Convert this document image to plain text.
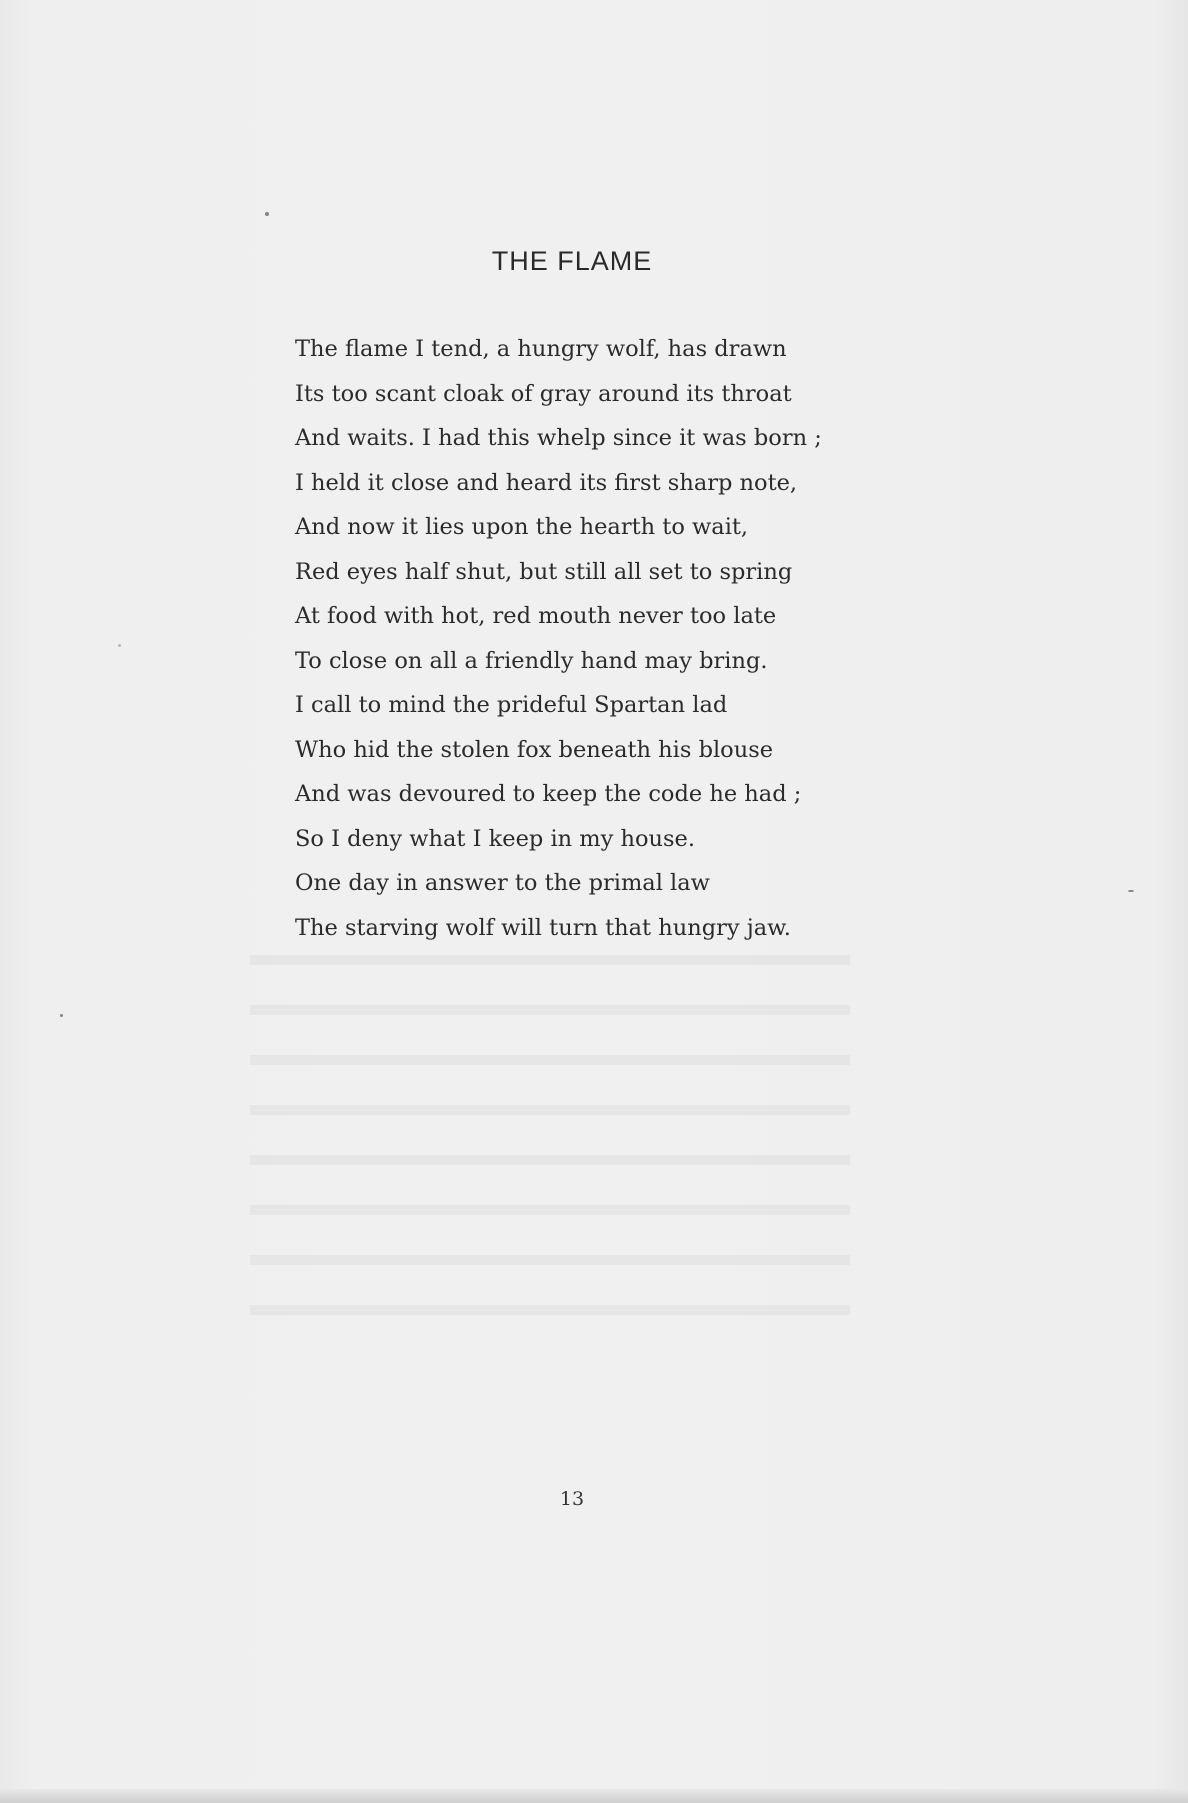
THE FLAME
The flame I tend, a hungry wolf, has drawn
Its too scant cloak of gray around its throat
And waits. I had this whelp since it was born ;
I held it close and heard its first sharp note,
And now it lies upon the hearth to wait,
Red eyes half shut, but still all set to spring
At food with hot, red mouth never too late
To close on all a friendly hand may bring.
I call to mind the prideful Spartan lad
Who hid the stolen fox beneath his blouse
And was devoured to keep the code he had ;
So I deny what I keep in my house.
One day in answer to the primal law
The starving wolf will turn that hungry jaw.
13
